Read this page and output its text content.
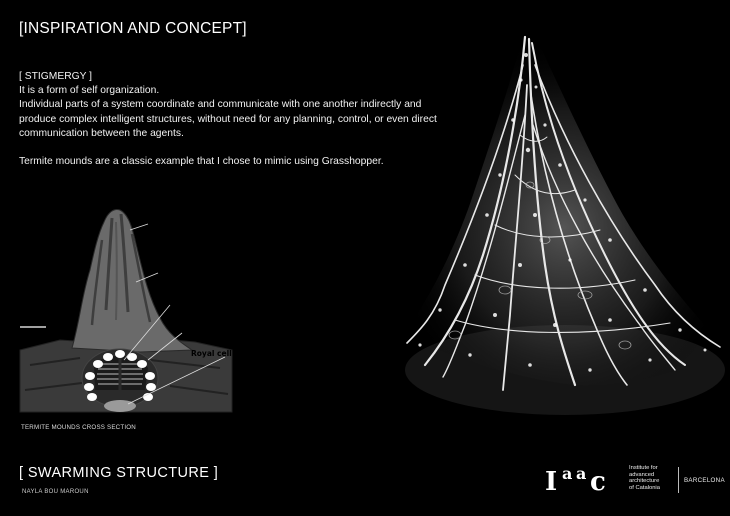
[INSPIRATION AND CONCEPT]

[ STIGMERGY ]

It is a form of self organization.

Individual parts of a system coordinate and communicate with one another indirectly and produce complex intelligent structures, without need for any planning, control, or even direct communication between the agents.

Termite mounds are a classic example that I chose to mimic using Grasshopper.

Mound
Air columns
Fungus combs
Nursery galleries
Royal cell
1 m
TERMITE MOUNDS CROSS SECTION
[ SWARMING STRUCTURE ]
NAYLA BOU MAROUN	I a a c	Institute for
advanced
architecture
of Catalonia
BARCELONA
